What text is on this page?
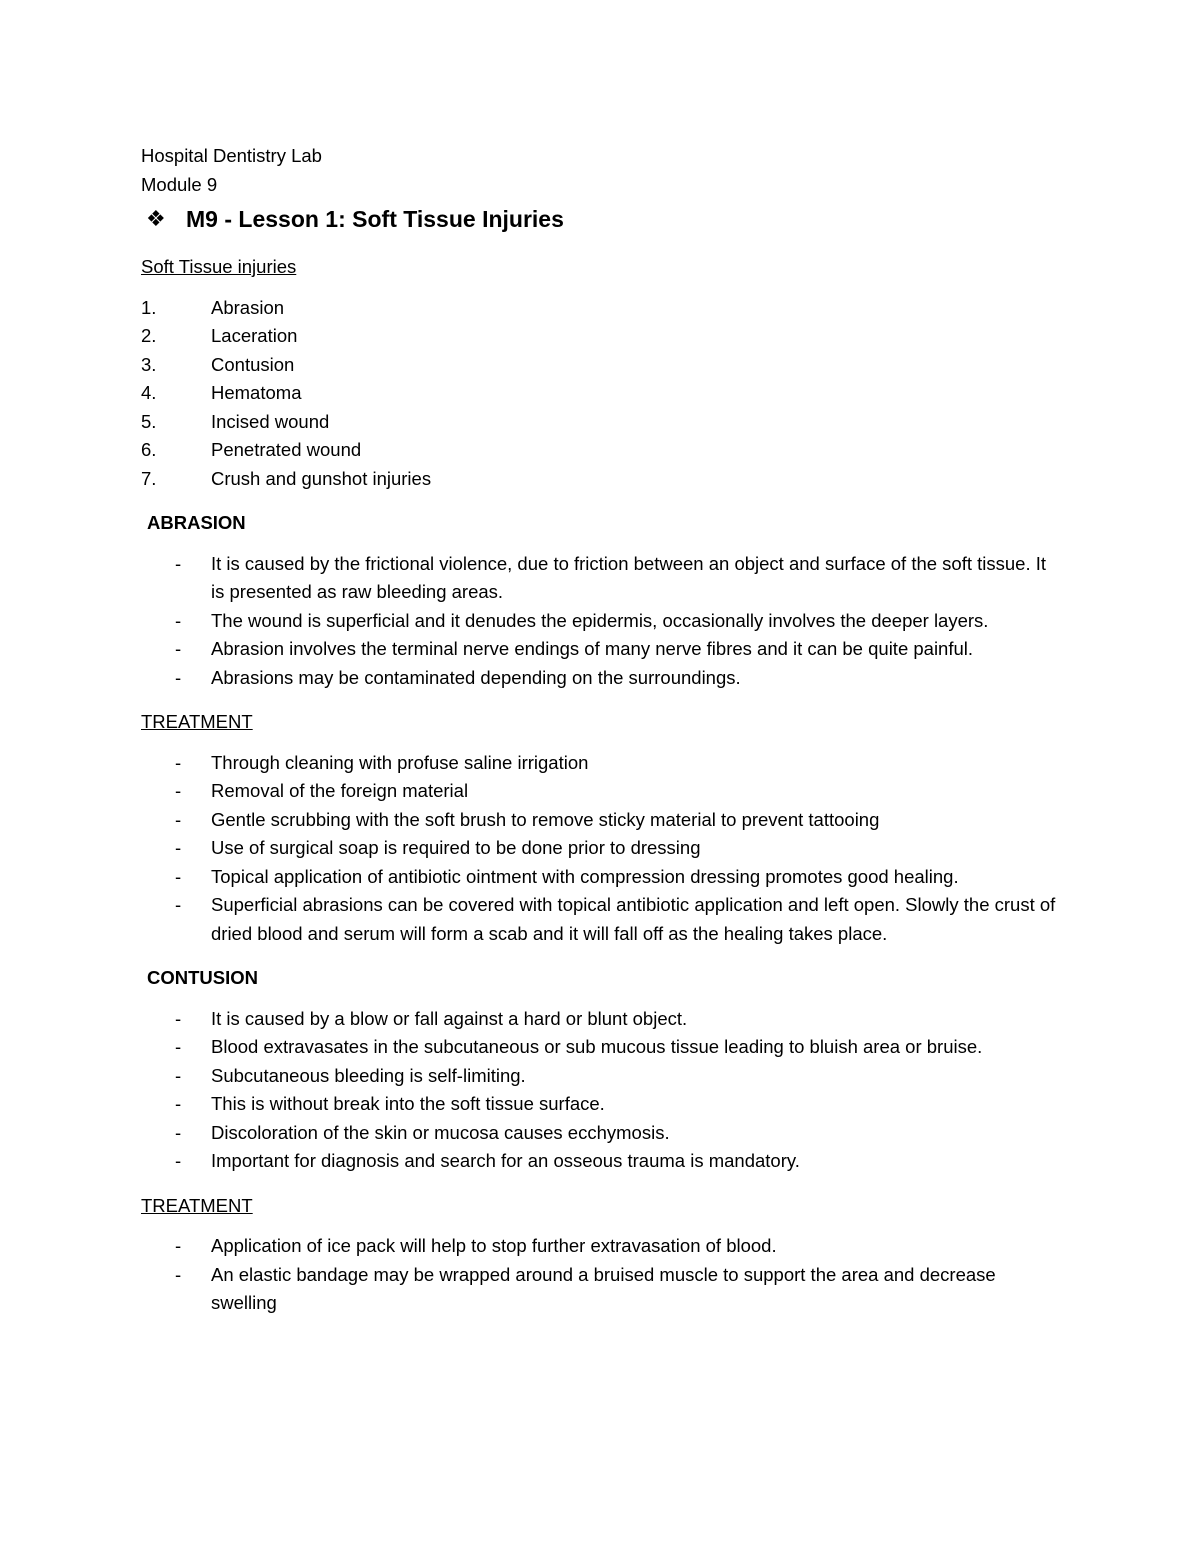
Hospital Dentistry Lab

Module 9

❖ M9 - Lesson 1: Soft Tissue Injuries

Soft Tissue injuries

1.	Abrasion
2.	Laceration
3.	Contusion
4.	Hematoma
5.	Incised wound
6.	Penetrated wound
7.	Crush and gunshot injuries

ABRASION

-	It is caused by the frictional violence, due to friction between an object and surface of the soft tissue. It is presented as raw bleeding areas.
-	The wound is superficial and it denudes the epidermis, occasionally involves the deeper layers.
-	Abrasion involves the terminal nerve endings of many nerve fibres and it can be quite painful.
-	Abrasions may be contaminated depending on the surroundings.

TREATMENT

-	Through cleaning with profuse saline irrigation
-	Removal of the foreign material
-	Gentle scrubbing with the soft brush to remove sticky material to prevent tattooing
-	Use of surgical soap is required to be done prior to dressing
-	Topical application of antibiotic ointment with compression dressing promotes good healing.
-	Superficial abrasions can be covered with topical antibiotic application and left open. Slowly the crust of dried blood and serum will form a scab and it will fall off as the healing takes place.

CONTUSION

-	It is caused by a blow or fall against a hard or blunt object.
-	Blood extravasates in the subcutaneous or sub mucous tissue leading to bluish area or bruise.
-	Subcutaneous bleeding is self-limiting.
-	This is without break into the soft tissue surface.
-	Discoloration of the skin or mucosa causes ecchymosis.
-	Important for diagnosis and search for an osseous trauma is mandatory.

TREATMENT

-	Application of ice pack will help to stop further extravasation of blood.
-	An elastic bandage may be wrapped around a bruised muscle to support the area and decrease swelling
